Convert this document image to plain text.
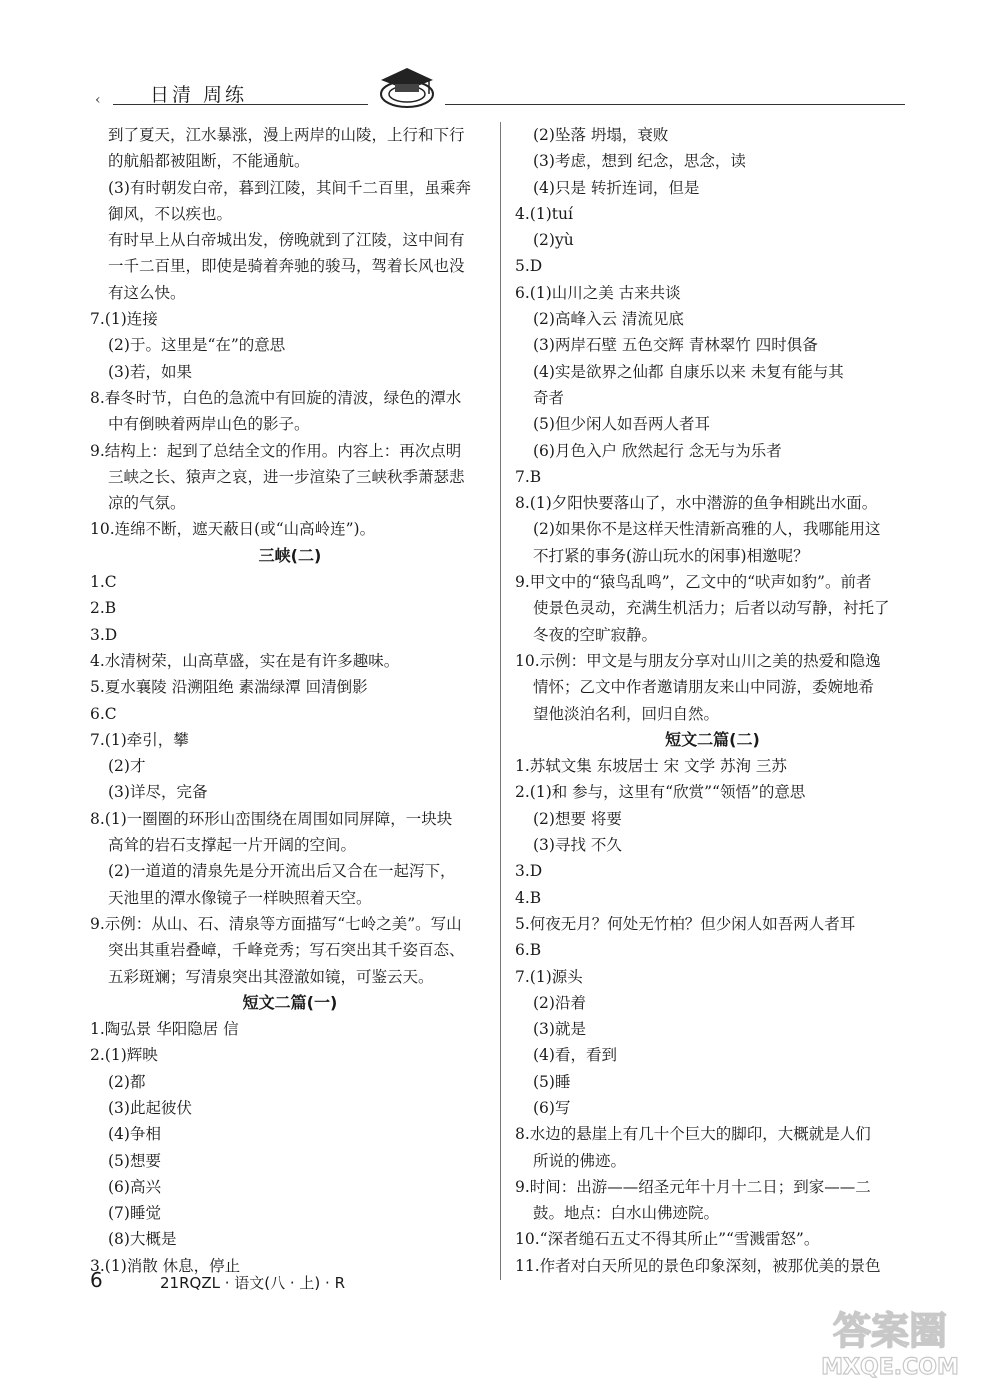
‹	日清 周练

到了夏天，江水暴涨，漫上两岸的山陵，上行和下行

的航船都被阻断，不能通航。

(3)有时朝发白帝，暮到江陵，其间千二百里，虽乘奔

御风，不以疾也。

有时早上从白帝城出发，傍晚就到了江陵，这中间有

一千二百里，即使是骑着奔驰的骏马，驾着长风也没

有这么快。

7.(1)连接

(2)于。这里是“在”的意思

(3)若，如果

8.春冬时节，白色的急流中有回旋的清波，绿色的潭水

中有倒映着两岸山色的影子。

9.结构上：起到了总结全文的作用。内容上：再次点明

三峡之长、猿声之哀，进一步渲染了三峡秋季萧瑟悲

凉的气氛。

10.连绵不断，遮天蔽日(或“山高岭连”)。

三峡(二)

1.C

2.B

3.D

4.水清树荣，山高草盛，实在是有许多趣味。

5.夏水襄陵 沿溯阻绝 素湍绿潭 回清倒影

6.C

7.(1)牵引，攀

(2)才

(3)详尽，完备

8.(1)一圈圈的环形山峦围绕在周围如同屏障，一块块

高耸的岩石支撑起一片开阔的空间。

(2)一道道的清泉先是分开流出后又合在一起泻下，

天池里的潭水像镜子一样映照着天空。

9.示例：从山、石、清泉等方面描写“七岭之美”。写山

突出其重岩叠嶂，千峰竞秀；写石突出其千姿百态、

五彩斑斓；写清泉突出其澄澈如镜，可鉴云天。

短文二篇(一)

1.陶弘景 华阳隐居 信

2.(1)辉映

(2)都

(3)此起彼伏

(4)争相

(5)想要

(6)高兴

(7)睡觉

(8)大概是

3.(1)消散 休息，停止

(2)坠落 坍塌，衰败

(3)考虑，想到 纪念，思念，读

(4)只是 转折连词，但是

4.(1)tuí

(2)yù

5.D

6.(1)山川之美 古来共谈

(2)高峰入云 清流见底

(3)两岸石壁 五色交辉 青林翠竹 四时俱备

(4)实是欲界之仙都 自康乐以来 未复有能与其

奇者

(5)但少闲人如吾两人者耳

(6)月色入户 欣然起行 念无与为乐者

7.B

8.(1)夕阳快要落山了，水中潜游的鱼争相跳出水面。

(2)如果你不是这样天性清新高雅的人，我哪能用这

不打紧的事务(游山玩水的闲事)相邀呢？

9.甲文中的“猿鸟乱鸣”，乙文中的“吠声如豹”。前者

使景色灵动，充满生机活力；后者以动写静，衬托了

冬夜的空旷寂静。

10.示例：甲文是与朋友分享对山川之美的热爱和隐逸

情怀；乙文中作者邀请朋友来山中同游，委婉地希

望他淡泊名利，回归自然。

短文二篇(二)

1.苏轼文集 东坡居士 宋 文学 苏洵 三苏

2.(1)和 参与，这里有“欣赏”“领悟”的意思

(2)想要 将要

(3)寻找 不久

3.D

4.B

5.何夜无月？何处无竹柏？但少闲人如吾两人者耳

6.B

7.(1)源头

(2)沿着

(3)就是

(4)看，看到

(5)睡

(6)写

8.水边的悬崖上有几十个巨大的脚印，大概就是人们

所说的佛迹。

9.时间：出游——绍圣元年十月十二日；到家——二

鼓。地点：白水山佛迹院。

10.“深者缒石五丈不得其所止”“雪溅雷怒”。

11.作者对白天所见的景色印象深刻，被那优美的景色

6	21RQZL · 语文(八 · 上) · R
答案圈
MXQE.COM
